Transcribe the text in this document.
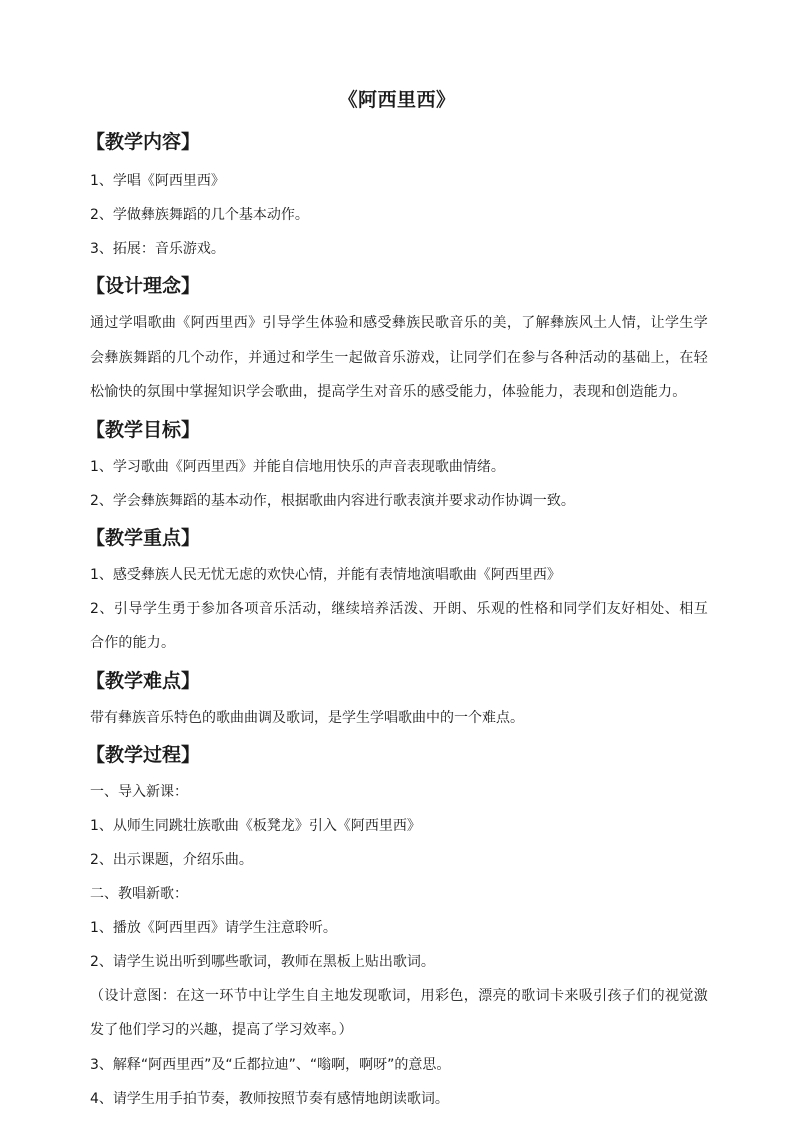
《阿西里西》
【教学内容】
1、学唱《阿西里西》
2、学做彝族舞蹈的几个基本动作。
3、拓展：音乐游戏。
【设计理念】
通过学唱歌曲《阿西里西》引导学生体验和感受彝族民歌音乐的美，了解彝族风土人情，让学生学会彝族舞蹈的几个动作，并通过和学生一起做音乐游戏，让同学们在参与各种活动的基础上，在轻松愉快的氛围中掌握知识学会歌曲，提高学生对音乐的感受能力，体验能力，表现和创造能力。
【教学目标】
1、学习歌曲《阿西里西》并能自信地用快乐的声音表现歌曲情绪。
2、学会彝族舞蹈的基本动作，根据歌曲内容进行歌表演并要求动作协调一致。
【教学重点】
1、感受彝族人民无忧无虑的欢快心情，并能有表情地演唱歌曲《阿西里西》
2、引导学生勇于参加各项音乐活动，继续培养活泼、开朗、乐观的性格和同学们友好相处、相互合作的能力。
【教学难点】
带有彝族音乐特色的歌曲曲调及歌词，是学生学唱歌曲中的一个难点。
【教学过程】
一、导入新课：
1、从师生同跳壮族歌曲《板凳龙》引入《阿西里西》
2、出示课题，介绍乐曲。
二、教唱新歌：
1、播放《阿西里西》请学生注意聆听。
2、请学生说出听到哪些歌词，教师在黑板上贴出歌词。
（设计意图：在这一环节中让学生自主地发现歌词，用彩色，漂亮的歌词卡来吸引孩子们的视觉激发了他们学习的兴趣，提高了学习效率。）
3、解释“阿西里西”及“丘都拉迪”、“嗡啊，啊呀”的意思。
4、请学生用手拍节奏，教师按照节奏有感情地朗读歌词。
